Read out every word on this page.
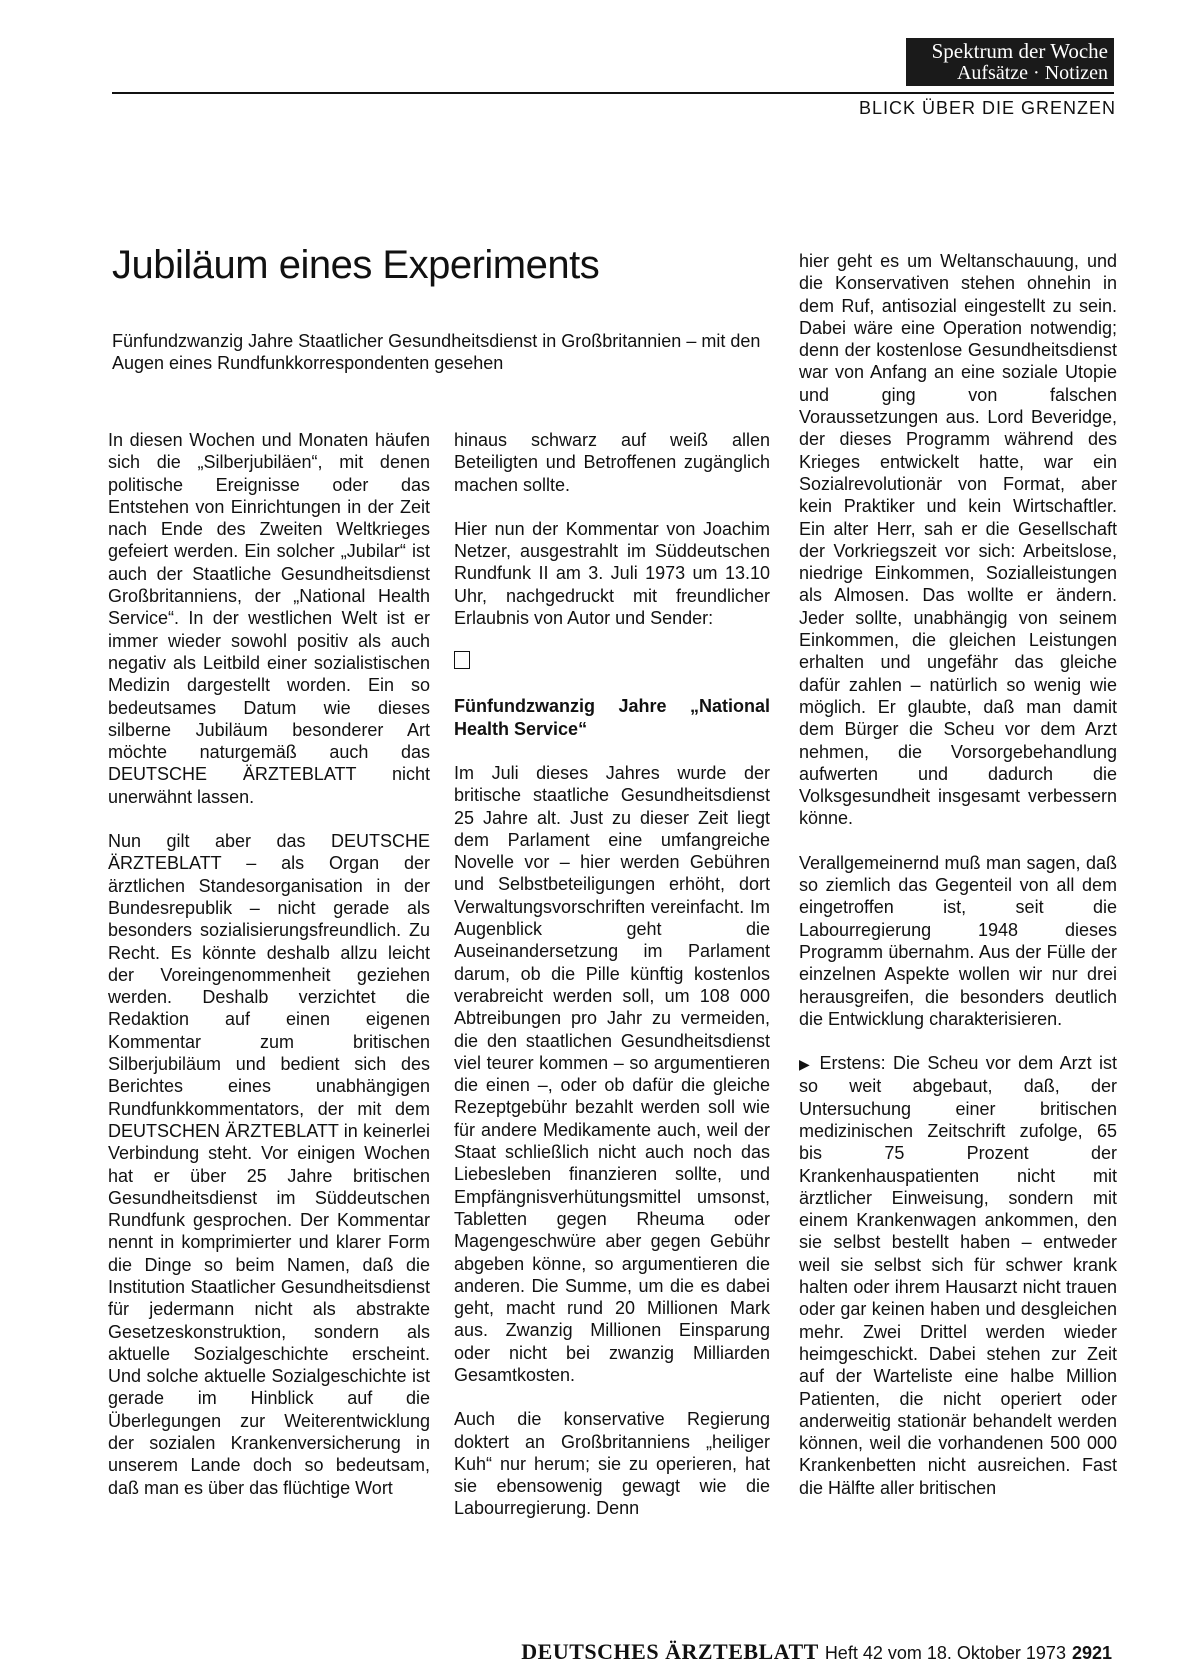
Spektrum der Woche
Aufsätze · Notizen
BLICK ÜBER DIE GRENZEN
Jubiläum eines Experiments

Fünfundzwanzig Jahre Staatlicher Gesundheitsdienst in Großbritannien – mit den Augen eines Rundfunkkorrespondenten gesehen

In diesen Wochen und Monaten häufen sich die „Silberjubiläen“, mit denen politische Ereignisse oder das Entstehen von Einrichtungen in der Zeit nach Ende des Zweiten Weltkrieges gefeiert werden. Ein solcher „Jubilar“ ist auch der Staatliche Gesundheitsdienst Großbritanniens, der „National Health Service“. In der westlichen Welt ist er immer wieder sowohl positiv als auch negativ als Leitbild einer sozialistischen Medizin dargestellt worden. Ein so bedeutsames Datum wie dieses silberne Jubiläum besonderer Art möchte naturgemäß auch das DEUTSCHE ÄRZTEBLATT nicht unerwähnt lassen.

Nun gilt aber das DEUTSCHE ÄRZTEBLATT – als Organ der ärztlichen Standesorganisation in der Bundesrepublik – nicht gerade als besonders sozialisierungsfreundlich. Zu Recht. Es könnte deshalb allzu leicht der Voreingenommenheit geziehen werden. Deshalb verzichtet die Redaktion auf einen eigenen Kommentar zum britischen Silberjubiläum und bedient sich des Berichtes eines unabhängigen Rundfunkkommentators, der mit dem DEUTSCHEN ÄRZTEBLATT in keinerlei Verbindung steht. Vor einigen Wochen hat er über 25 Jahre britischen Gesundheitsdienst im Süddeutschen Rundfunk gesprochen. Der Kommentar nennt in komprimierter und klarer Form die Dinge so beim Namen, daß die Institution Staatlicher Gesundheitsdienst für jedermann nicht als abstrakte Gesetzeskonstruktion, sondern als aktuelle Sozialgeschichte erscheint. Und solche aktuelle Sozialgeschichte ist gerade im Hinblick auf die Überlegungen zur Weiterentwicklung der sozialen Krankenversicherung in unserem Lande doch so bedeutsam, daß man es über das flüchtige Wort

hinaus schwarz auf weiß allen Beteiligten und Betroffenen zugänglich machen sollte.

Hier nun der Kommentar von Joachim Netzer, ausgestrahlt im Süddeutschen Rundfunk II am 3. Juli 1973 um 13.10 Uhr, nachgedruckt mit freundlicher Erlaubnis von Autor und Sender:

Fünfundzwanzig Jahre „National Health Service“

Im Juli dieses Jahres wurde der britische staatliche Gesundheitsdienst 25 Jahre alt. Just zu dieser Zeit liegt dem Parlament eine umfangreiche Novelle vor – hier werden Gebühren und Selbstbeteiligungen erhöht, dort Verwaltungsvorschriften vereinfacht. Im Augenblick geht die Auseinandersetzung im Parlament darum, ob die Pille künftig kostenlos verabreicht werden soll, um 108 000 Abtreibungen pro Jahr zu vermeiden, die den staatlichen Gesundheitsdienst viel teurer kommen – so argumentieren die einen –, oder ob dafür die gleiche Rezeptgebühr bezahlt werden soll wie für andere Medikamente auch, weil der Staat schließlich nicht auch noch das Liebesleben finanzieren sollte, und Empfängnisverhütungsmittel umsonst, Tabletten gegen Rheuma oder Magengeschwüre aber gegen Gebühr abgeben könne, so argumentieren die anderen. Die Summe, um die es dabei geht, macht rund 20 Millionen Mark aus. Zwanzig Millionen Einsparung oder nicht bei zwanzig Milliarden Gesamtkosten.

Auch die konservative Regierung doktert an Großbritanniens „heiliger Kuh“ nur herum; sie zu operieren, hat sie ebensowenig gewagt wie die Labourregierung. Denn

hier geht es um Weltanschauung, und die Konservativen stehen ohnehin in dem Ruf, antisozial eingestellt zu sein. Dabei wäre eine Operation notwendig; denn der kostenlose Gesundheitsdienst war von Anfang an eine soziale Utopie und ging von falschen Voraussetzungen aus. Lord Beveridge, der dieses Programm während des Krieges entwickelt hatte, war ein Sozialrevolutionär von Format, aber kein Praktiker und kein Wirtschaftler. Ein alter Herr, sah er die Gesellschaft der Vorkriegszeit vor sich: Arbeitslose, niedrige Einkommen, Sozialleistungen als Almosen. Das wollte er ändern. Jeder sollte, unabhängig von seinem Einkommen, die gleichen Leistungen erhalten und ungefähr das gleiche dafür zahlen – natürlich so wenig wie möglich. Er glaubte, daß man damit dem Bürger die Scheu vor dem Arzt nehmen, die Vorsorgebehandlung aufwerten und dadurch die Volksgesundheit insgesamt verbessern könne.

Verallgemeinernd muß man sagen, daß so ziemlich das Gegenteil von all dem eingetroffen ist, seit die Labourregierung 1948 dieses Programm übernahm. Aus der Fülle der einzelnen Aspekte wollen wir nur drei herausgreifen, die besonders deutlich die Entwicklung charakterisieren.

▶ Erstens: Die Scheu vor dem Arzt ist so weit abgebaut, daß, der Untersuchung einer britischen medizinischen Zeitschrift zufolge, 65 bis 75 Prozent der Krankenhauspatienten nicht mit ärztlicher Einweisung, sondern mit einem Krankenwagen ankommen, den sie selbst bestellt haben – entweder weil sie selbst sich für schwer krank halten oder ihrem Hausarzt nicht trauen oder gar keinen haben und desgleichen mehr. Zwei Drittel werden wieder heimgeschickt. Dabei stehen zur Zeit auf der Warteliste eine halbe Million Patienten, die nicht operiert oder anderweitig stationär behandelt werden können, weil die vorhandenen 500 000 Krankenbetten nicht ausreichen. Fast die Hälfte aller britischen

DEUTSCHES ÄRZTEBLATT Heft 42 vom 18. Oktober 1973 2921
